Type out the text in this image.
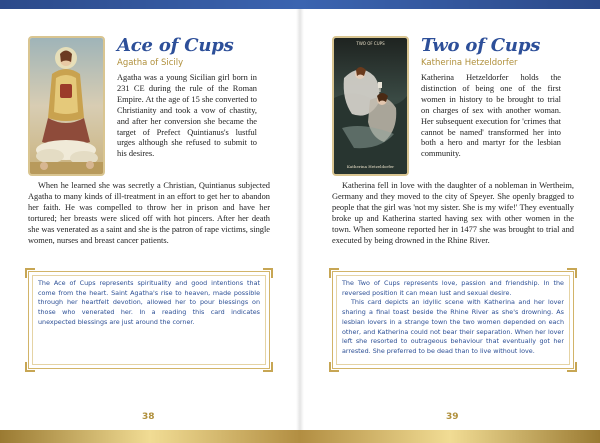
Ace of Cups
Agatha of Sicily

Agatha was a young Sicilian girl born in 231 CE during the rule of the Roman Empire. At the age of 15 she converted to Christianity and took a vow of chastity, and after her conversion she became the target of Prefect Quintianus's lustful urges although she refused to submit to his desires.

When he learned she was secretly a Christian, Quintianus subjected Agatha to many kinds of ill-treatment in an effort to get her to abandon her faith. He was compelled to throw her in prison and have her tortured; her breasts were sliced off with hot pincers. After her death she was venerated as a saint and she is the patron of rape victims, single women, nurses and breast cancer patients.

The Ace of Cups represents spirituality and good intentions that come from the heart. Saint Agatha's rise to heaven, made possible through her heartfelt devotion, allowed her to pour blessings on those who venerated her. In a reading this card indicates unexpected blessings are just around the corner.

38
TWO OF CUPS
Katherina Hetzeldorfer
Two of Cups
Katherina Hetzeldorfer

Katherina Hetzeldorfer holds the distinction of being one of the first women in history to be brought to trial on charges of sex with another woman. Her subsequent execution for 'crimes that cannot be named' transformed her into both a hero and martyr for the lesbian community.

Katherina fell in love with the daughter of a nobleman in Wertheim, Germany and they moved to the city of Speyer. She openly bragged to people that the girl was 'not my sister. She is my wife!' They eventually broke up and Katherina started having sex with other women in the town. When someone reported her in 1477 she was brought to trial and executed by being drowned in the Rhine River.

The Two of Cups represents love, passion and friendship. In the reversed position it can mean lust and sexual desire.

This card depicts an idyllic scene with Katherina and her lover sharing a final toast beside the Rhine River as she's drowning. As lesbian lovers in a strange town the two women depended on each other, and Katherina could not bear their separation. When her lover left she resorted to outrageous behaviour that eventually got her arrested. She preferred to be dead than to live without love.

39
